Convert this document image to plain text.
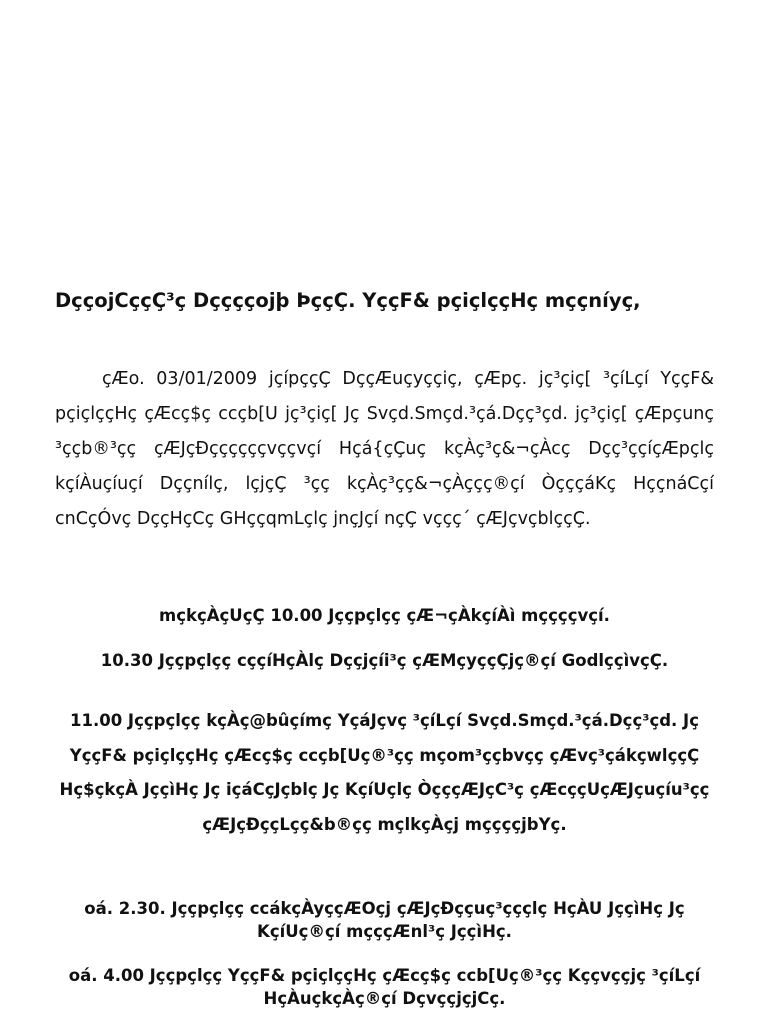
DççojCççÇ³ç Dççççojþ ÞççÇ. YççF& pçiçlççHç mççníyç,

çÆo. 03/01/2009 jçípççÇ DççÆuçyççiç, çÆpç. jç³çiç[ ³çíLçí YççF& pçiçlççHç çÆcç$ç ccçb[U jç³çiç[ Jç Svçd.Smçd.³çá.Dçç³çd. jç³çiç[ çÆpçunç ³ççb®³çç çÆJçÐççççççvççvçí Hçá{çÇuç kçÀç³ç&¬çÀcç Dçç³ççíçÆpçlç kçíÀuçíuçí Dççnílç, lçjçÇ ³çç kçÀç³çç&¬çÀççç®çí ÒçççáKç HççnáCçí cnCçÓvç DççHçCç GHççqmLçlç jnçJçí nçÇ vççç´ çÆJçvçblççÇ.

mçkçÀçUçÇ 10.00 Jççpçlçç çÆ¬çÀkçíÀì mççççvçí.

10.30 Jççpçlçç cççíHçÀlç Dççjçíi³ç çÆMçyççÇjç®çí GodlççìvçÇ.

11.00 Jççpçlçç kçÀç@bûçímç YçáJçvç ³çíLçí Svçd.Smçd.³çá.Dçç³çd. Jç YççF& pçiçlççHç çÆcç$ç ccçb[Uç®³çç mçom³ççbvçç çÆvç³çákçwlççÇ Hç$çkçÀ JççìHç Jç içáCçJçblç Jç KçíUçlç ÒçççÆJçC³ç çÆcççUçÆJçuçíu³çç çÆJçÐççLçç&b®çç mçlkçÀçj mççççjbYç.

oá. 2.30. Jççpçlçç ccákçÀyççÆOçj çÆJçÐççuç³çççlç HçÀU JççìHç Jç KçíUç®çí mçççÆnl³ç JççìHç.

oá. 4.00 Jççpçlçç YççF& pçiçlççHç çÆcç$ç ccb[Uç®³çç Kççvççjç ³çíLçí HçÀuçkçÀç®çí DçvççjçjCç.
